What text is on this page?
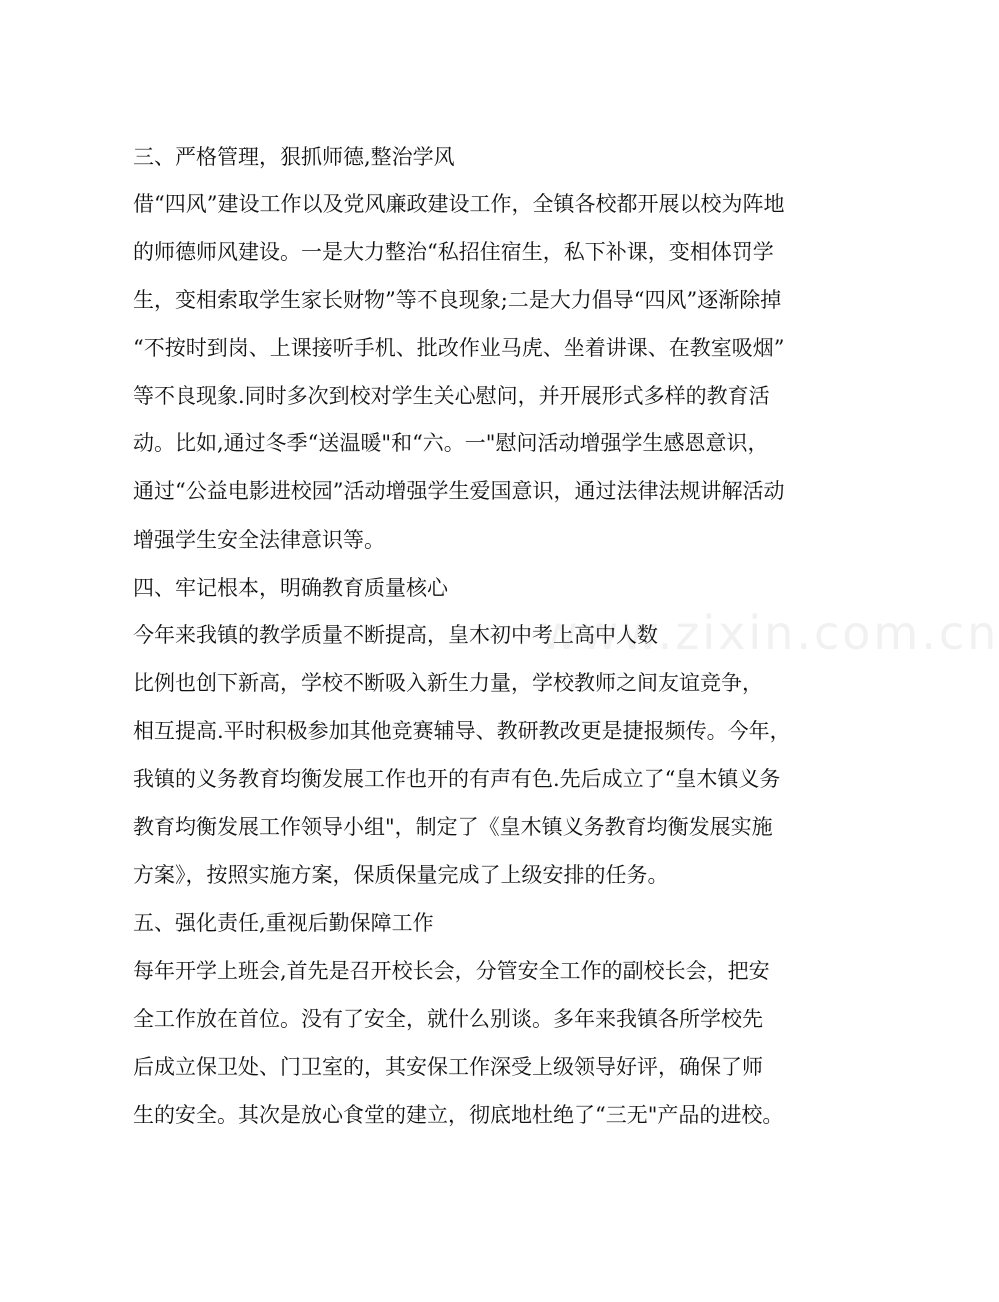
www.zixin.com.cn
三、严格管理，狠抓师德,整治学风
借“四风”建设工作以及党风廉政建设工作，全镇各校都开展以校为阵地
的师德师风建设。一是大力整治“私招住宿生，私下补课，变相体罚学
生，变相索取学生家长财物”等不良现象;二是大力倡导“四风”逐渐除掉
“不按时到岗、上课接听手机、批改作业马虎、坐着讲课、在教室吸烟”
等不良现象.同时多次到校对学生关心慰问，并开展形式多样的教育活
动。比如,通过冬季“送温暖"和“六。一"慰问活动增强学生感恩意识，
通过“公益电影进校园”活动增强学生爱国意识，通过法律法规讲解活动
增强学生安全法律意识等。
四、牢记根本，明确教育质量核心
今年来我镇的教学质量不断提高，皇木初中考上高中人数
比例也创下新高，学校不断吸入新生力量，学校教师之间友谊竞争，
相互提高.平时积极参加其他竞赛辅导、教研教改更是捷报频传。今年，
我镇的义务教育均衡发展工作也开的有声有色.先后成立了“皇木镇义务
教育均衡发展工作领导小组"，制定了《皇木镇义务教育均衡发展实施
方案》，按照实施方案，保质保量完成了上级安排的任务。
五、强化责任,重视后勤保障工作
每年开学上班会,首先是召开校长会，分管安全工作的副校长会，把安
全工作放在首位。没有了安全，就什么别谈。多年来我镇各所学校先
后成立保卫处、门卫室的，其安保工作深受上级领导好评，确保了师
生的安全。其次是放心食堂的建立，彻底地杜绝了“三无"产品的进校。
